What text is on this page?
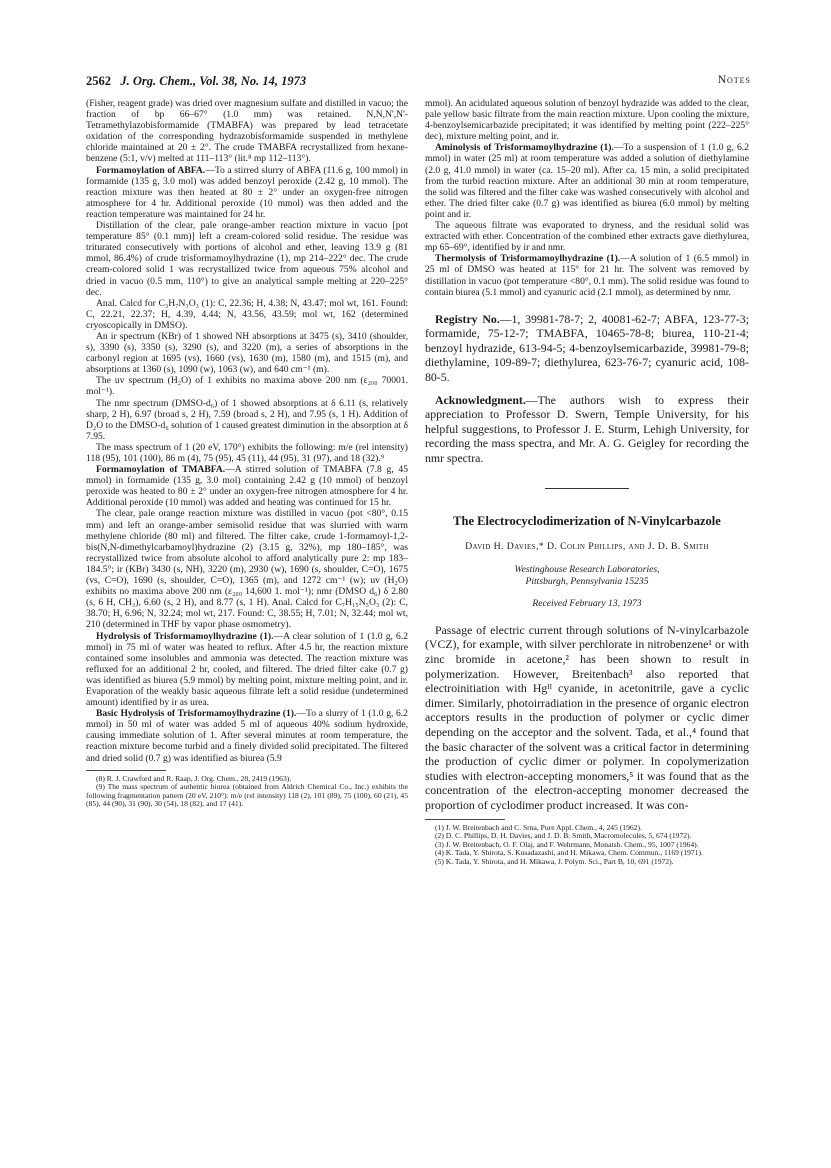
2562 J. Org. Chem., Vol. 38, No. 14, 1973	Notes

(Fisher, reagent grade) was dried over magnesium sulfate and distilled in vacuo; the fraction of bp 66–67° (1.0 mm) was retained. N,N,N',N'-Tetramethylazobisformamide (TMABFA) was prepared by lead tetracetate oxidation of the corresponding hydrazobisformamide suspended in methylene chloride maintained at 20 ± 2°. The crude TMABFA recrystallized from hexane-benzene (5:1, v/v) melted at 111–113° (lit.⁸ mp 112–113°).

Formamoylation of ABFA.—To a stirred slurry of ABFA (11.6 g, 100 mmol) in formamide (135 g, 3.0 mol) was added benzoyl peroxide (2.42 g, 10 mmol). The reaction mixture was then heated at 80 ± 2° under an oxygen-free nitrogen atmosphere for 4 hr. Additional peroxide (10 mmol) was then added and the reaction temperature was maintained for 24 hr.

Distillation of the clear, pale orange-amber reaction mixture in vacuo [pot temperature 85° (0.1 mm)] left a cream-colored solid residue. The residue was triturated consecutively with portions of alcohol and ether, leaving 13.9 g (81 mmol, 86.4%) of crude trisformamoylhydrazine (1), mp 214–222° dec. The crude cream-colored solid 1 was recrystallized twice from aqueous 75% alcohol and dried in vacuo (0.5 mm, 110°) to give an analytical sample melting at 220–225° dec.

Anal. Calcd for C₃H₇N₃O₃ (1): C, 22.36; H, 4.38; N, 43.47; mol wt, 161. Found: C, 22.21, 22.37; H, 4.39, 4.44; N, 43.56, 43.59; mol wt, 162 (determined cryoscopically in DMSO).

An ir spectrum (KBr) of 1 showed NH absorptions at 3475 (s), 3410 (shoulder, s), 3390 (s), 3350 (s), 3290 (s), and 3220 (m), a series of absorptions in the carbonyl region at 1695 (vs), 1660 (vs), 1630 (m), 1580 (m), and 1515 (m), and absorptions at 1360 (s), 1090 (w), 1063 (w), and 640 cm⁻¹ (m).

The uv spectrum (H₂O) of 1 exhibits no maxima above 200 nm (ε₂₀₀ 70001. mol⁻¹).

The nmr spectrum (DMSO-d₆) of 1 showed absorptions at δ 6.11 (s, relatively sharp, 2 H), 6.97 (broad s, 2 H), 7.59 (broad s, 2 H), and 7.95 (s, 1 H). Addition of D₂O to the DMSO-d₆ solution of 1 caused greatest diminution in the absorption at δ 7.95.

The mass spectrum of 1 (20 eV, 170°) exhibits the following: m/e (rel intensity) 118 (95), 101 (100), 86 m (4), 75 (95), 45 (11), 44 (95), 31 (97), and 18 (32).⁹

Formamoylation of TMABFA.—A stirred solution of TMABFA (7.8 g, 45 mmol) in formamide (135 g, 3.0 mol) containing 2.42 g (10 mmol) of benzoyl peroxide was heated to 80 ± 2° under an oxygen-free nitrogen atmosphere for 4 hr. Additional peroxide (10 mmol) was added and heating was continued for 15 hr.

The clear, pale orange reaction mixture was distilled in vacuo (pot <80°, 0.15 mm) and left an orange-amber semisolid residue that was slurried with warm methylene chloride (80 ml) and filtered. The filter cake, crude 1-formamoyl-1,2-bis(N,N-dimethylcarbamoyl)hydrazine (2) (3.15 g, 32%), mp 180–185°, was recrystallized twice from absolute alcohol to afford analytically pure 2: mp 183–184.5°; ir (KBr) 3430 (s, NH), 3220 (m), 2930 (w), 1690 (s, shoulder, C=O), 1675 (vs, C=O), 1690 (s, shoulder, C=O), 1365 (m), and 1272 cm⁻¹ (w); uv (H₂O) exhibits no maxima above 200 nm (ε₂₀₀ 14,600 1. mol⁻¹); nmr (DMSO d₆) δ 2.80 (s, 6 H, CH₃), 6.60 (s, 2 H), and 8.77 (s, 1 H). Anal. Calcd for C₇H₁₅N₅O₃ (2): C, 38.70; H, 6.96; N, 32.24; mol wt, 217. Found: C, 38.55; H, 7.01; N, 32.44; mol wt, 210 (determined in THF by vapor phase osmometry).

Hydrolysis of Trisformamoylhydrazine (1).—A clear solution of 1 (1.0 g, 6.2 mmol) in 75 ml of water was heated to reflux. After 4.5 hr, the reaction mixture contained some insolubles and ammonia was detected. The reaction mixture was refluxed for an additional 2 hr, cooled, and filtered. The dried filter cake (0.7 g) was identified as biurea (5.9 mmol) by melting point, mixture melting point, and ir. Evaporation of the weakly basic aqueous filtrate left a solid residue (undetermined amount) identified by ir as urea.

Basic Hydrolysis of Trisformamoylhydrazine (1).—To a slurry of 1 (1.0 g, 6.2 mmol) in 50 ml of water was added 5 ml of aqueous 40% sodium hydroxide, causing immediate solution of 1. After several minutes at room temperature, the reaction mixture become turbid and a finely divided solid precipitated. The filtered and dried solid (0.7 g) was identified as biurea (5.9

(8) R. J. Crawford and R. Raap, J. Org. Chem., 28, 2419 (1963).

(9) The mass spectrum of authentic biurea (obtained from Aldrich Chemical Co., Inc.) exhibits the following fragmentation pattern (20 eV, 210°): m/e (rel intensity) 118 (2), 101 (89), 75 (100), 60 (21), 45 (85), 44 (90), 31 (90), 30 (54), 18 (82), and 17 (41).

mmol). An acidulated aqueous solution of benzoyl hydrazide was added to the clear, pale yellow basic filtrate from the main reaction mixture. Upon cooling the mixture, 4-benzoylsemicarbazide precipitated; it was identified by melting point (222–225° dec), mixture melting point, and ir.

Aminolysis of Trisformamoylhydrazine (1).—To a suspension of 1 (1.0 g, 6.2 mmol) in water (25 ml) at room temperature was added a solution of diethylamine (2.0 g, 41.0 mmol) in water (ca. 15–20 ml). After ca. 15 min, a solid precipitated from the turbid reaction mixture. After an additional 30 min at room temperature, the solid was filtered and the filter cake was washed consecutively with alcohol and ether. The dried filter cake (0.7 g) was identified as biurea (6.0 mmol) by melting point and ir.

The aqueous filtrate was evaporated to dryness, and the residual solid was extracted with ether. Concentration of the combined ether extracts gave diethylurea, mp 65–69°, identified by ir and nmr.

Thermolysis of Trisformamoylhydrazine (1).—A solution of 1 (6.5 mmol) in 25 ml of DMSO was heated at 115° for 21 hr. The solvent was removed by distillation in vacuo (pot temperature <80°, 0.1 mm). The solid residue was found to contain biurea (5.1 mmol) and cyanuric acid (2.1 mmol), as determined by nmr.

Registry No.—1, 39981-78-7; 2, 40081-62-7; ABFA, 123-77-3; formamide, 75-12-7; TMABFA, 10465-78-8; biurea, 110-21-4; benzoyl hydrazide, 613-94-5; 4-benzoylsemicarbazide, 39981-79-8; diethylamine, 109-89-7; diethylurea, 623-76-7; cyanuric acid, 108-80-5.

Acknowledgment.—The authors wish to express their appreciation to Professor D. Swern, Temple University, for his helpful suggestions, to Professor J. E. Sturm, Lehigh University, for recording the mass spectra, and Mr. A. G. Geigley for recording the nmr spectra.

The Electrocyclodimerization of N-Vinylcarbazole
David H. Davies,* D. Colin Phillips, and J. D. B. Smith
Westinghouse Research Laboratories,
Pittsburgh, Pennsylvania 15235
Received February 13, 1973

Passage of electric current through solutions of N-vinylcarbazole (VCZ), for example, with silver perchlorate in nitrobenzene¹ or with zinc bromide in acetone,² has been shown to result in polymerization. However, Breitenbach³ also reported that electroinitiation with Hgᴵᴵ cyanide, in acetonitrile, gave a cyclic dimer. Similarly, photoirradiation in the presence of organic electron acceptors results in the production of polymer or cyclic dimer depending on the acceptor and the solvent. Tada, et al.,⁴ found that the basic character of the solvent was a critical factor in determining the production of cyclic dimer or polymer. In copolymerization studies with electron-accepting monomers,⁵ it was found that as the concentration of the electron-accepting monomer decreased the proportion of cyclodimer product increased. It was con-

(1) J. W. Breitenbach and C. Srna, Pure Appl. Chem., 4, 245 (1962).

(2) D. C. Phillips, D. H. Davies, and J. D. B. Smith, Macromolecules, 5, 674 (1972).

(3) J. W. Breitenbach, O. F. Olaj, and F. Wehrmann, Monatsh. Chem., 95, 1007 (1964).

(4) K. Tada, Y. Shirota, S. Kusadazashi, and H. Mikawa, Chem. Commun., 1169 (1971).

(5) K. Tada, Y. Shirota, and H. Mikawa, J. Polym. Sci., Part B, 10, 691 (1972).
